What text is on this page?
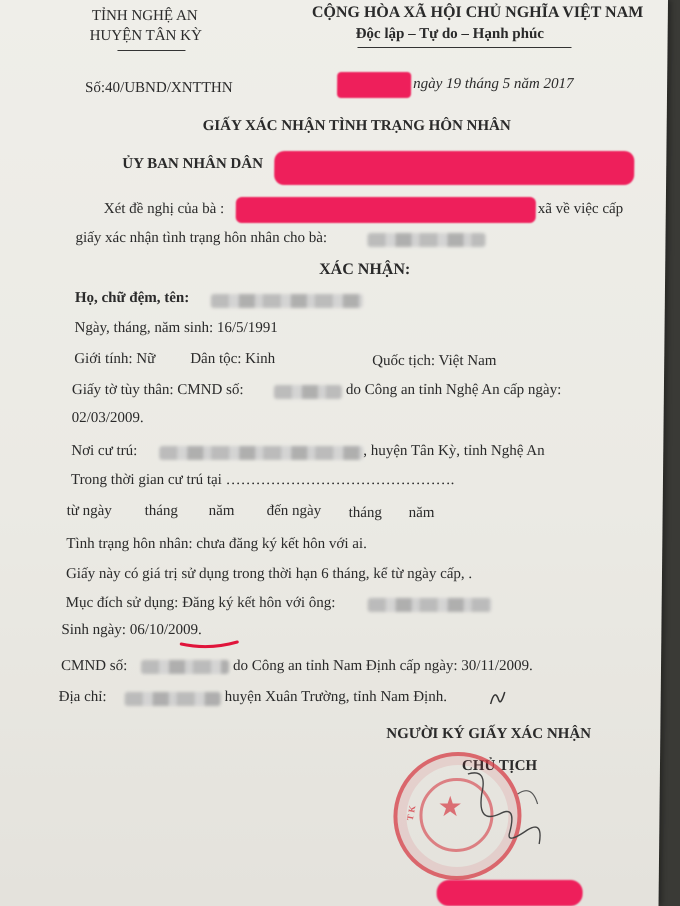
TỈNH NGHỆ AN
HUYỆN TÂN KỲ
CỘNG HÒA XÃ HỘI CHỦ NGHĨA VIỆT NAM
Độc lập – Tự do – Hạnh phúc
Số:40/UBND/XNTTHN	ngày 19 tháng 5 năm 2017
GIẤY XÁC NHẬN TÌNH TRẠNG HÔN NHÂN
ỦY BAN NHÂN DÂN
Xét đề nghị của bà :	xã về việc cấp
giấy xác nhận tình trạng hôn nhân cho bà:
XÁC NHẬN:
Họ, chữ đệm, tên:
Ngày, tháng, năm sinh: 16/5/1991
Giới tính: Nữ Dân tộc: Kinh	Quốc tịch: Việt Nam
Giấy tờ tùy thân: CMND số:	do Công an tỉnh Nghệ An cấp ngày:
02/03/2009.
Nơi cư trú:	, huyện Tân Kỳ, tỉnh Nghệ An
Trong thời gian cư trú tại ……………………………………….
từ ngày tháng năm đến ngày tháng năm
Tình trạng hôn nhân: chưa đăng ký kết hôn với ai.
Giấy này có giá trị sử dụng trong thời hạn 6 tháng, kể từ ngày cấp, .
Mục đích sử dụng: Đăng ký kết hôn với ông:
Sinh ngày: 06/10/2009.
CMND số:	do Công an tỉnh Nam Định cấp ngày: 30/11/2009.
Địa chỉ:	huyện Xuân Trường, tỉnh Nam Định.
NGƯỜI KÝ GIẤY XÁC NHẬN
CHỦ TỊCH
★
T K
